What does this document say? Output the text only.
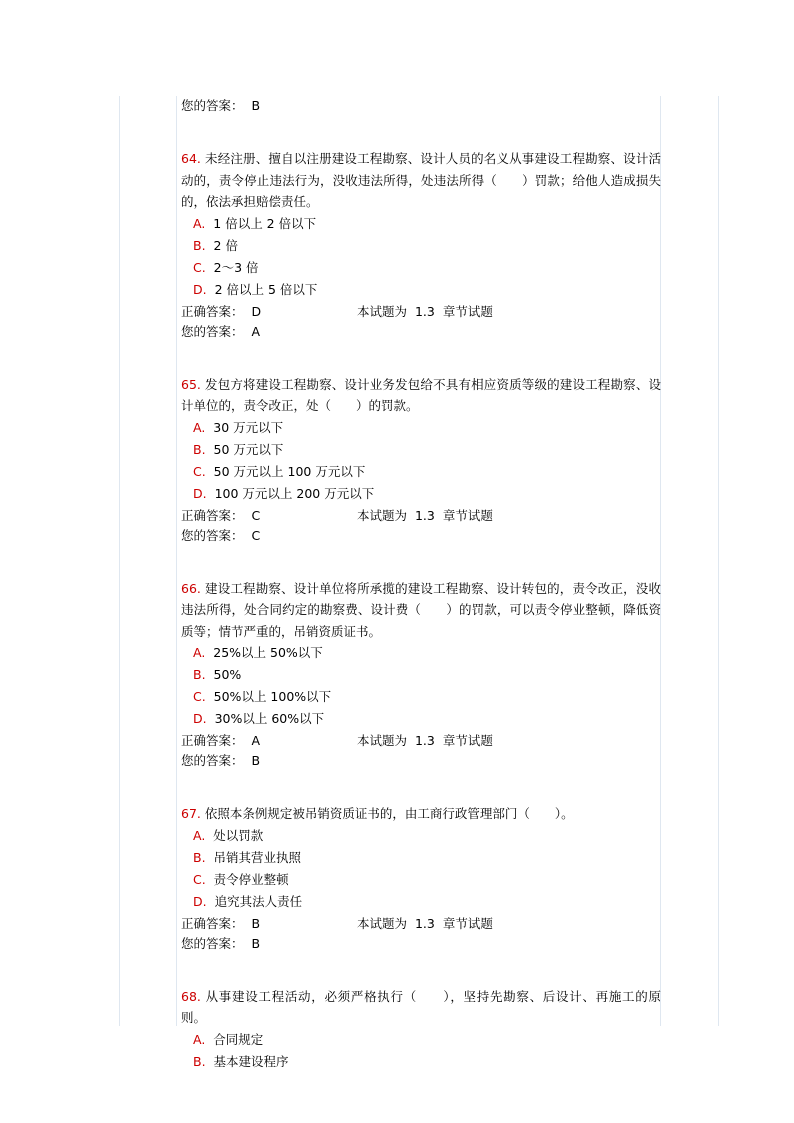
您的答案： B
64. 未经注册、擅自以注册建设工程勘察、设计人员的名义从事建设工程勘察、设计活动的，责令停止违法行为，没收违法所得，处违法所得（　　）罚款；给他人造成损失的，依法承担赔偿责任。
A. 1 倍以上 2 倍以下
B. 2 倍
C. 2～3 倍
D. 2 倍以上 5 倍以下
正确答案： D	本试题为 1.3 章节试题
您的答案： A
65. 发包方将建设工程勘察、设计业务发包给不具有相应资质等级的建设工程勘察、设计单位的，责令改正，处（　　）的罚款。
A. 30 万元以下
B. 50 万元以下
C. 50 万元以上 100 万元以下
D. 100 万元以上 200 万元以下
正确答案： C	本试题为 1.3 章节试题
您的答案： C
66. 建设工程勘察、设计单位将所承揽的建设工程勘察、设计转包的，责令改正，没收违法所得，处合同约定的勘察费、设计费（　　）的罚款，可以责令停业整顿，降低资质等；情节严重的，吊销资质证书。
A. 25%以上 50%以下
B. 50%
C. 50%以上 100%以下
D. 30%以上 60%以下
正确答案： A	本试题为 1.3 章节试题
您的答案： B
67. 依照本条例规定被吊销资质证书的，由工商行政管理部门（　　）。
A. 处以罚款
B. 吊销其营业执照
C. 责令停业整顿
D. 追究其法人责任
正确答案： B	本试题为 1.3 章节试题
您的答案： B
68. 从事建设工程活动，必须严格执行（　　），坚持先勘察、后设计、再施工的原则。
A. 合同规定
B. 基本建设程序
